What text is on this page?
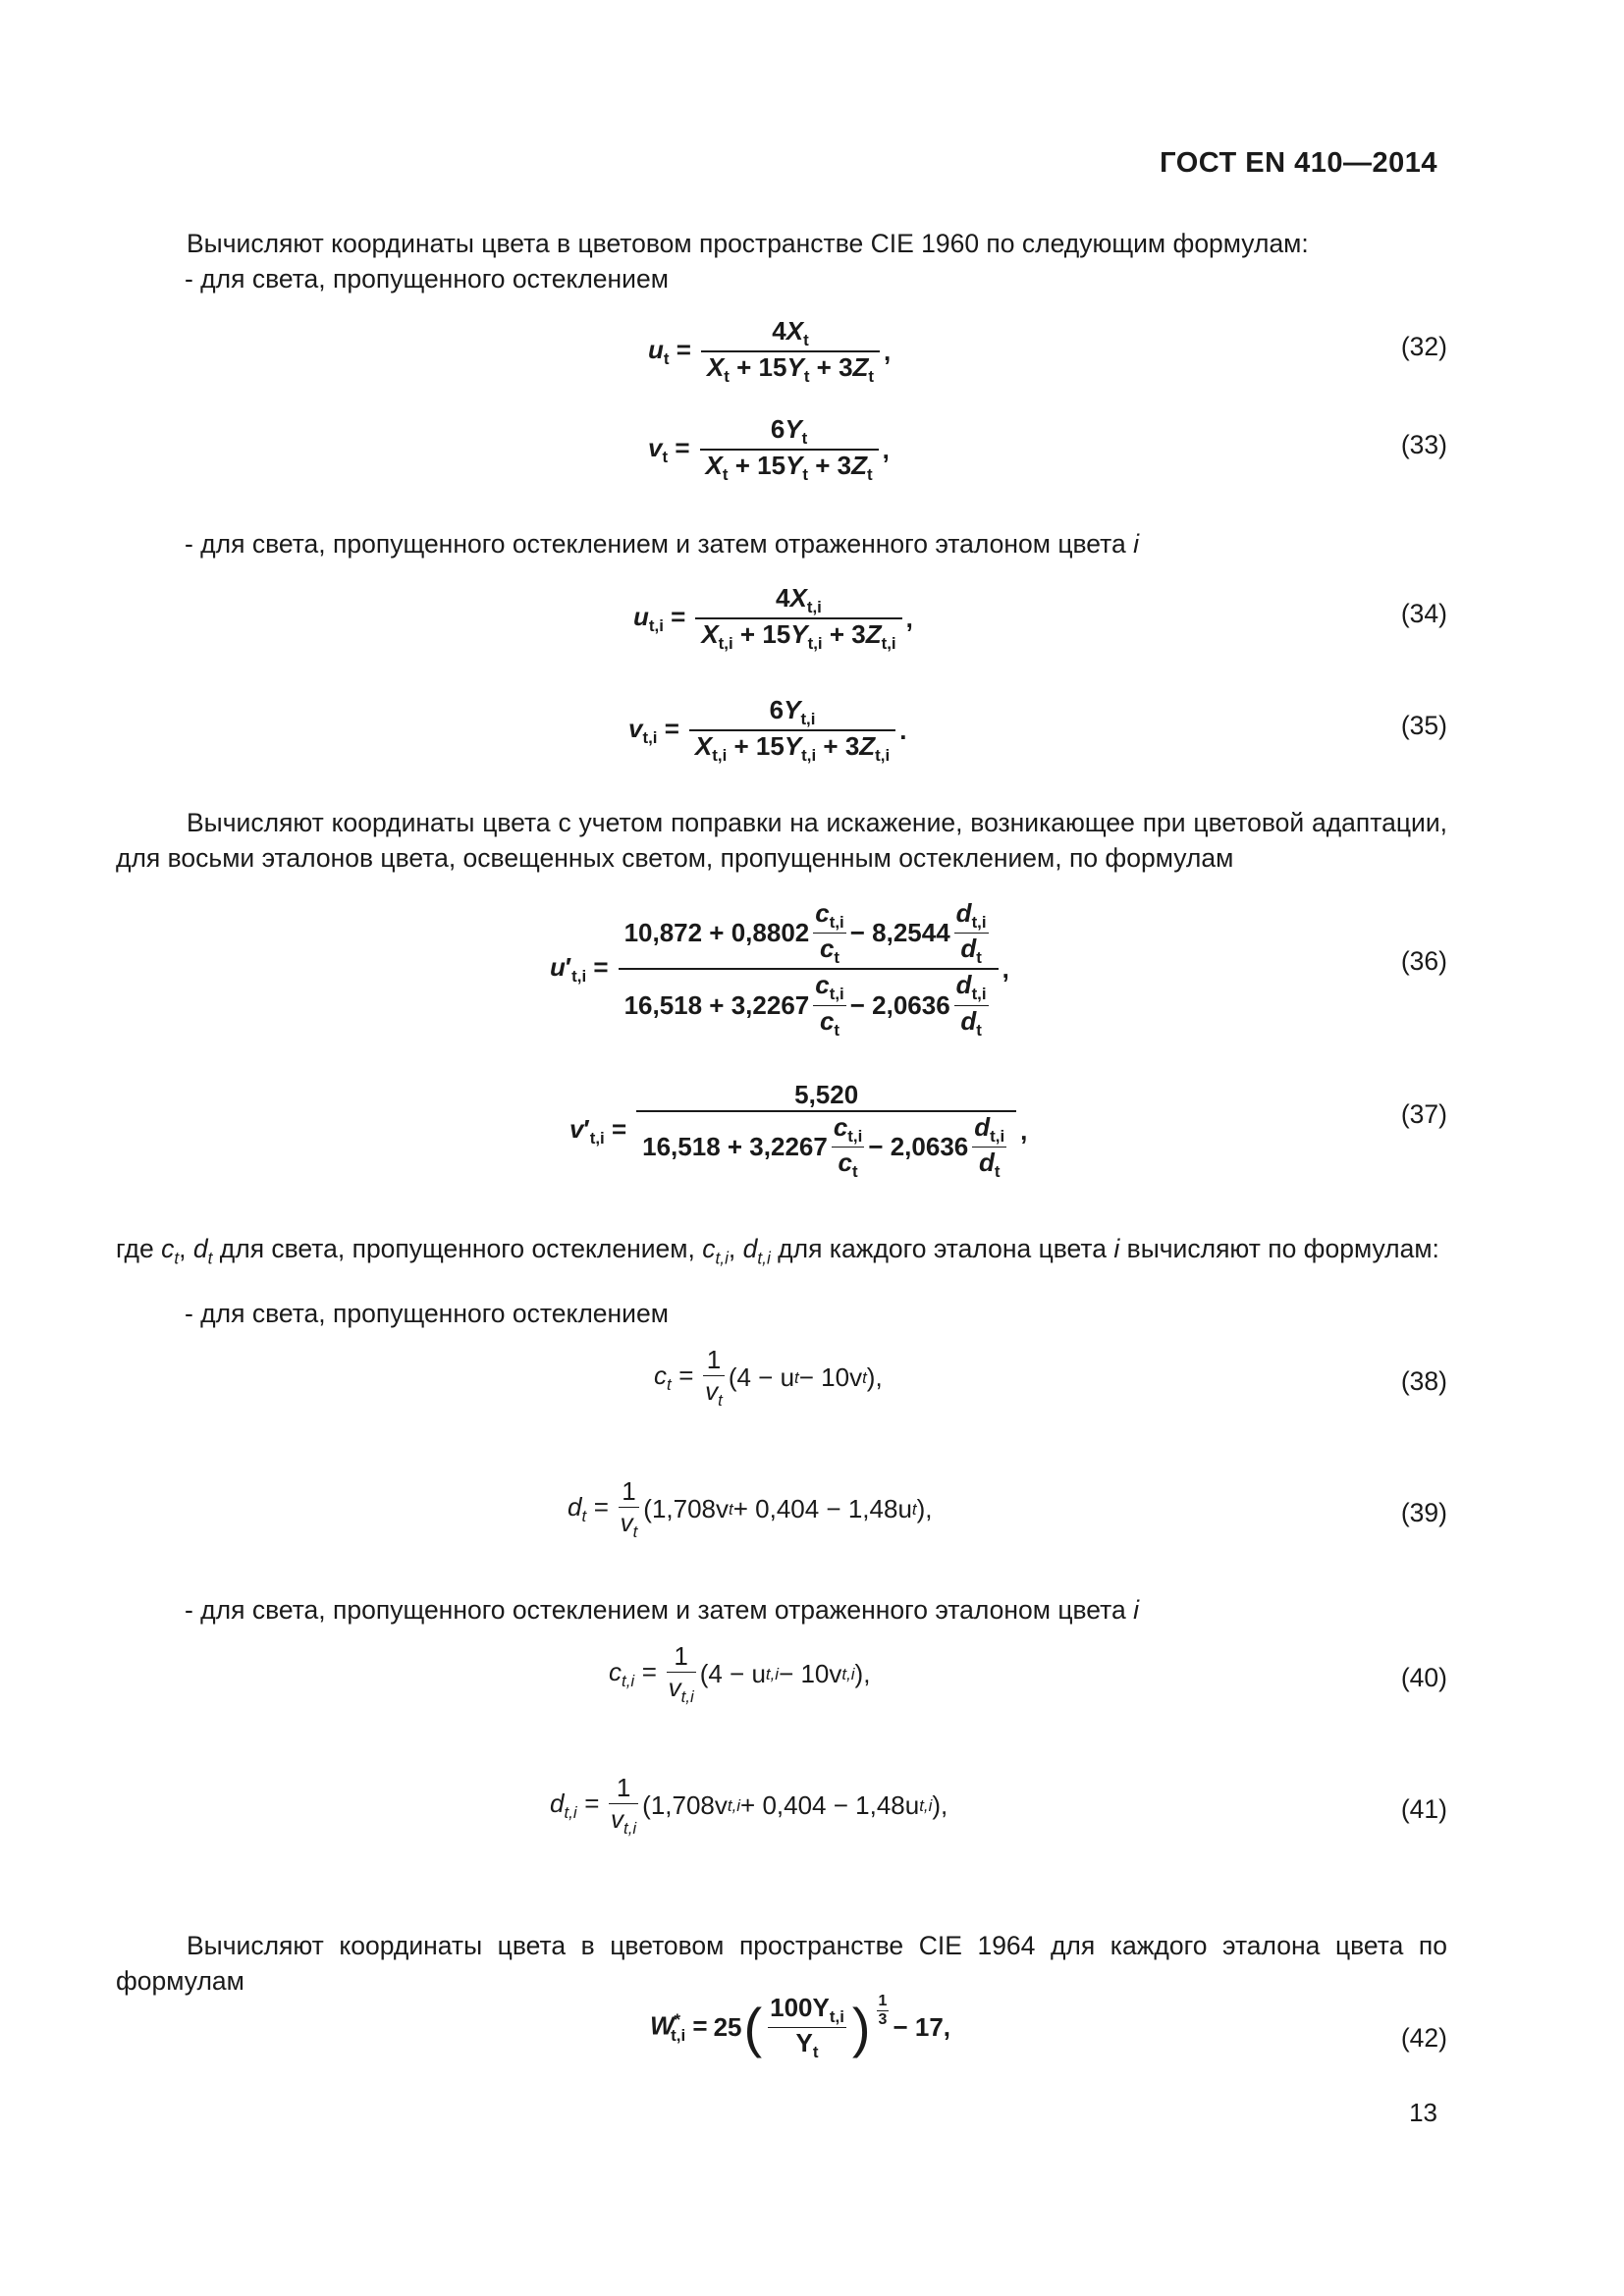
ГОСТ EN 410—2014
Вычисляют координаты цвета в цветовом пространстве CIE 1960 по следующим формулам:
- для света, пропущенного остеклением
$u_t = \frac{4X_t}{X_t + 15Y_t + 3Z_t}$ ,	(32)
$v_t = \frac{6Y_t}{X_t + 15Y_t + 3Z_t}$ ,	(33)
- для света, пропущенного остеклением и затем отраженного эталоном цвета i
$u_{t,i} = \frac{4X_{t,i}}{X_{t,i} + 15Y_{t,i} + 3Z_{t,i}}$ ,	(34)
$v_{t,i} = \frac{6Y_{t,i}}{X_{t,i} + 15Y_{t,i} + 3Z_{t,i}}$ .	(35)
Вычисляют координаты цвета с учетом поправки на искажение, возникающее при цветовой адаптации, для восьми эталонов цвета, освещенных светом, пропущенным остеклением, по формулам
$u'_{t,i} = \frac{10,872 + 0,8802 \frac{c_{t,i}}{c_t} - 8,2544 \frac{d_{t,i}}{d_t}}{16,518 + 3,2267 \frac{c_{t,i}}{c_t} - 2,0636 \frac{d_{t,i}}{d_t}}$ ,	(36)
$v'_{t,i} = \frac{5,520}{16,518 + 3,2267 \frac{c_{t,i}}{c_t} - 2,0636 \frac{d_{t,i}}{d_t}}$ ,
(37)
где $c_t$, $d_t$ для света, пропущенного остеклением, $c_{t,i}$, $d_{t,i}$ для каждого эталона цвета i вычисляют по формулам:
- для света, пропущенного остеклением
$c_t = \frac{1}{v_t} (4 - u$ t − 10v t ),	(38)
$d_t = \frac{1}{v_t} (1,708v$ t + 0,404 − 1,48u t ),	(39)
- для света, пропущенного остеклением и затем отраженного эталоном цвета i
$c_{t,i} = \frac{1}{v_{t,i}} (4 - u$ t,i − 10v t,i ),	(40)
$d_{t,i} = \frac{1}{v_{t,i}} (1,708v$ t,i + 0,404 − 1,48u t,i ),	(41)
Вычисляют координаты цвета в цветовом пространстве CIE 1964 для каждого эталона цвета по формулам
$W^*_{t,i} = 25$ ( $\frac{100Y_{t,i}}{Y_t}$ ) $\frac{1}{3} - 17$,	(42)
13
